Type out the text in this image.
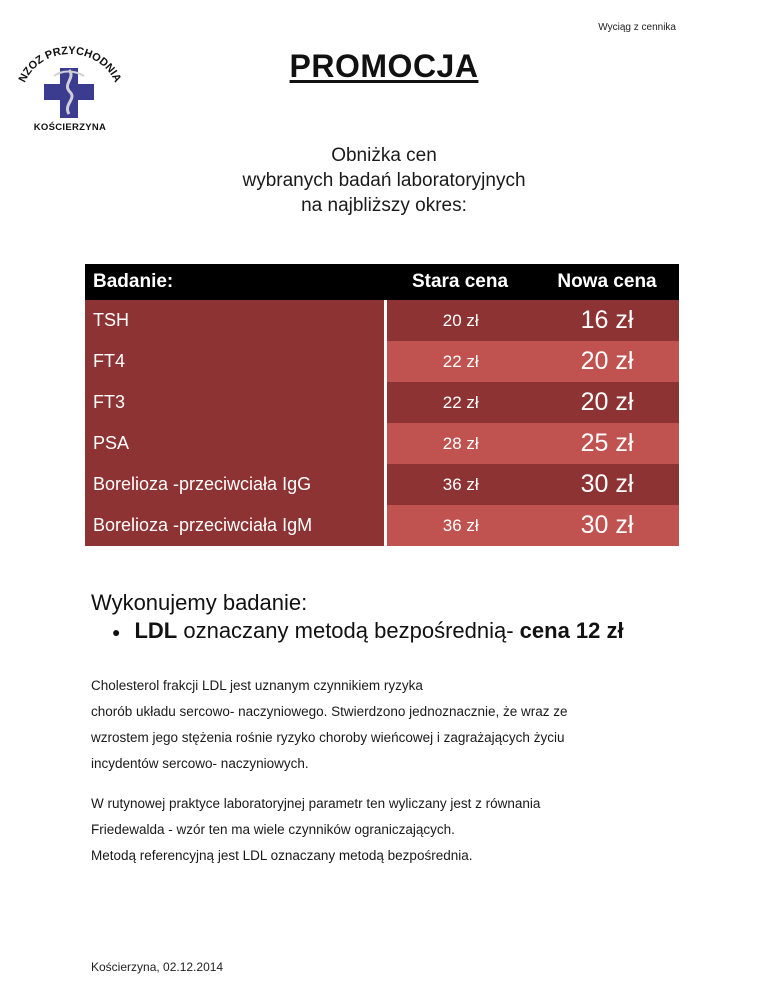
Wyciąg z cennika
NZOZ PRZYCHODNIA
KOŚCIERZYNA
PROMOCJA
Obniżka cen
wybranych badań laboratoryjnych
na najbliższy okres:
Badanie:	Stara cena	Nowa cena
TSH	20 zł	16 zł
FT4	22 zł	20 zł
FT3	22 zł	20 zł
PSA	28 zł	25 zł
Borelioza -przeciwciała IgG	36 zł	30 zł
Borelioza -przeciwciała IgM	36 zł	30 zł
Wykonujemy badanie:
● LDL oznaczany metodą bezpośrednią- cena 12 zł
Cholesterol frakcji LDL jest uznanym czynnikiem ryzyka
chorób układu sercowo- naczyniowego. Stwierdzono jednoznacznie, że wraz ze
wzrostem jego stężenia rośnie ryzyko choroby wieńcowej i zagrażających życiu
incydentów sercowo- naczyniowych.
W rutynowej praktyce laboratoryjnej parametr ten wyliczany jest z równania
Friedewalda - wzór ten ma wiele czynników ograniczających.
Metodą referencyjną jest LDL oznaczany metodą bezpośrednia.
Kościerzyna, 02.12.2014
